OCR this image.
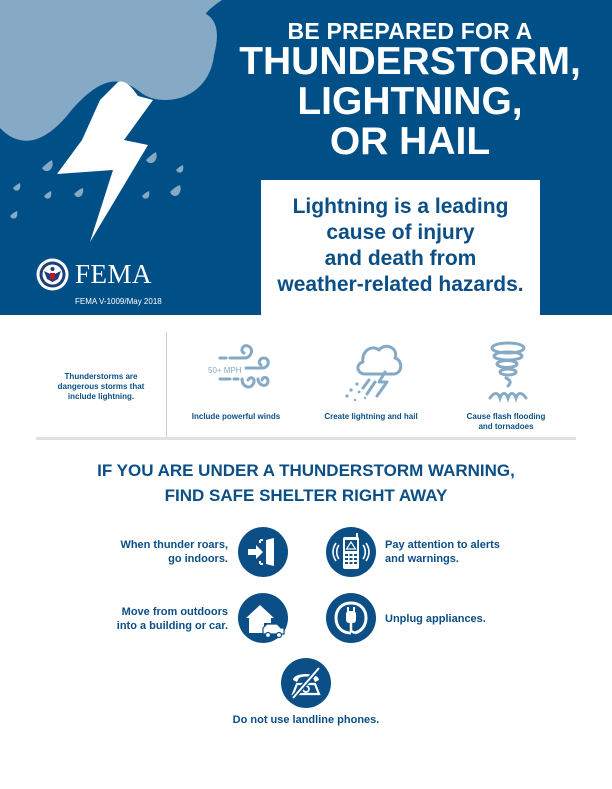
BE PREPARED FOR A
THUNDERSTORM,
LIGHTNING,
OR HAIL
FEMA
FEMA V-1009/May 2018
Lightning is a leading
cause of injury
and death from
weather-related hazards.
Thunderstorms are
dangerous storms that
include lightning.
50+ MPH
Include powerful winds	Create lightning and hail	Cause flash flooding
and tornadoes
IF YOU ARE UNDER A THUNDERSTORM WARNING,
FIND SAFE SHELTER RIGHT AWAY
When thunder roars,
go indoors.
Pay attention to alerts
and warnings.
Move from outdoors
into a building or car.
Unplug appliances.
Do not use landline phones.
